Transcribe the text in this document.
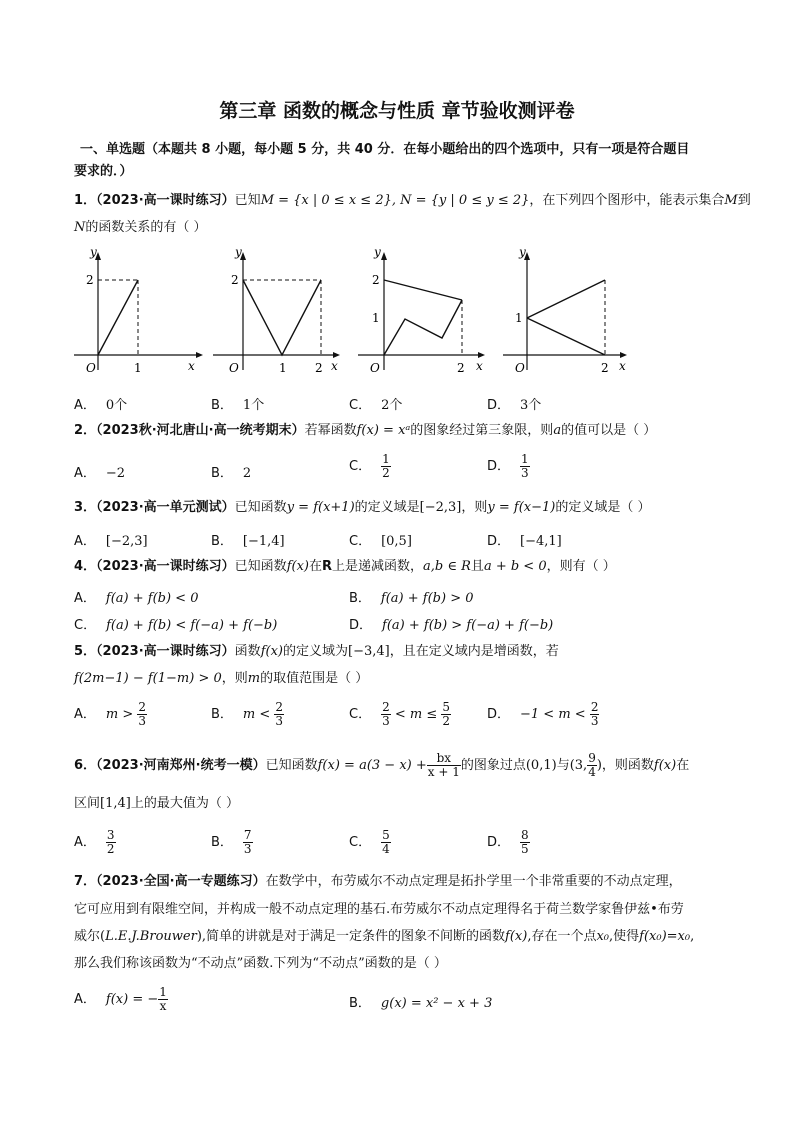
第三章 函数的概念与性质 章节验收测评卷
一、单选题（本题共 8 小题，每小题 5 分，共 40 分．在每小题给出的四个选项中，只有一项是符合题目
要求的．）
1．（2023·高一课时练习）已知M = {x | 0 ≤ x ≤ 2}, N = {y | 0 ≤ y ≤ 2}，在下列四个图形中，能表示集合M到
N的函数关系的有（ ）
y
x
O	1
2
y
x
O	1 2
2
y
x
O	2
2
1
y
x
O	2
1
A． 0个	B． 1个	C． 2个	D． 3个
2．（2023秋·河北唐山·高一统考期末）若幂函数f(x) = xᵃ的图象经过第三象限，则a的值可以是（ ）
A． −2	B． 2	C． $\frac{1}{2}$	D． $\frac{1}{3}$
3．（2023·高一单元测试）已知函数y = f(x+1)的定义域是[−2,3]，则y = f(x−1)的定义域是（ ）
A． [−2,3]	B． [−1,4]	C． [0,5]	D． [−4,1]
4．（2023·高一课时练习）已知函数f(x)在R上是递减函数，a,b ∈ R且a + b < 0，则有（ ）
A． f(a) + f(b) < 0	B． f(a) + f(b) > 0
C． f(a) + f(b) < f(−a) + f(−b)	D． f(a) + f(b) > f(−a) + f(−b)
5．（2023·高一课时练习）函数f(x)的定义域为[−3,4]，且在定义域内是增函数，若
f(2m−1) − f(1−m) > 0，则m的取值范围是（ ）
A． $m > \frac{2}{3}$	B． $m < \frac{2}{3}$	C． $\frac{2}{3} < m \le \frac{5}{2}$	D． $-1 < m < \frac{2}{3}$
6．（2023·河南郑州·统考一模）已知函数$f(x) = a(3 - x) + \frac{bx}{x + 1}$ 的图象过点(0,1)与(3, $\frac{9}{4}$ )，则函数f(x)在
区间[1,4]上的最大值为（ ）
A． $\frac{3}{2}$	B． $\frac{7}{3}$	C． $\frac{5}{4}$	D． $\frac{8}{5}$
7．（2023·全国·高一专题练习）在数学中，布劳威尔不动点定理是拓扑学里一个非常重要的不动点定理，
它可应用到有限维空间，并构成一般不动点定理的基石.布劳威尔不动点定理得名于荷兰数学家鲁伊兹•布劳
威尔(L.E.J.Brouwer),简单的讲就是对于满足一定条件的图象不间断的函数f(x),存在一个点x₀,使得f(x₀)=x₀,
那么我们称该函数为“不动点”函数.下列为“不动点”函数的是（ ）
A． f(x) = − $\frac{1}{x}$	B． g(x) = x² − x + 3
